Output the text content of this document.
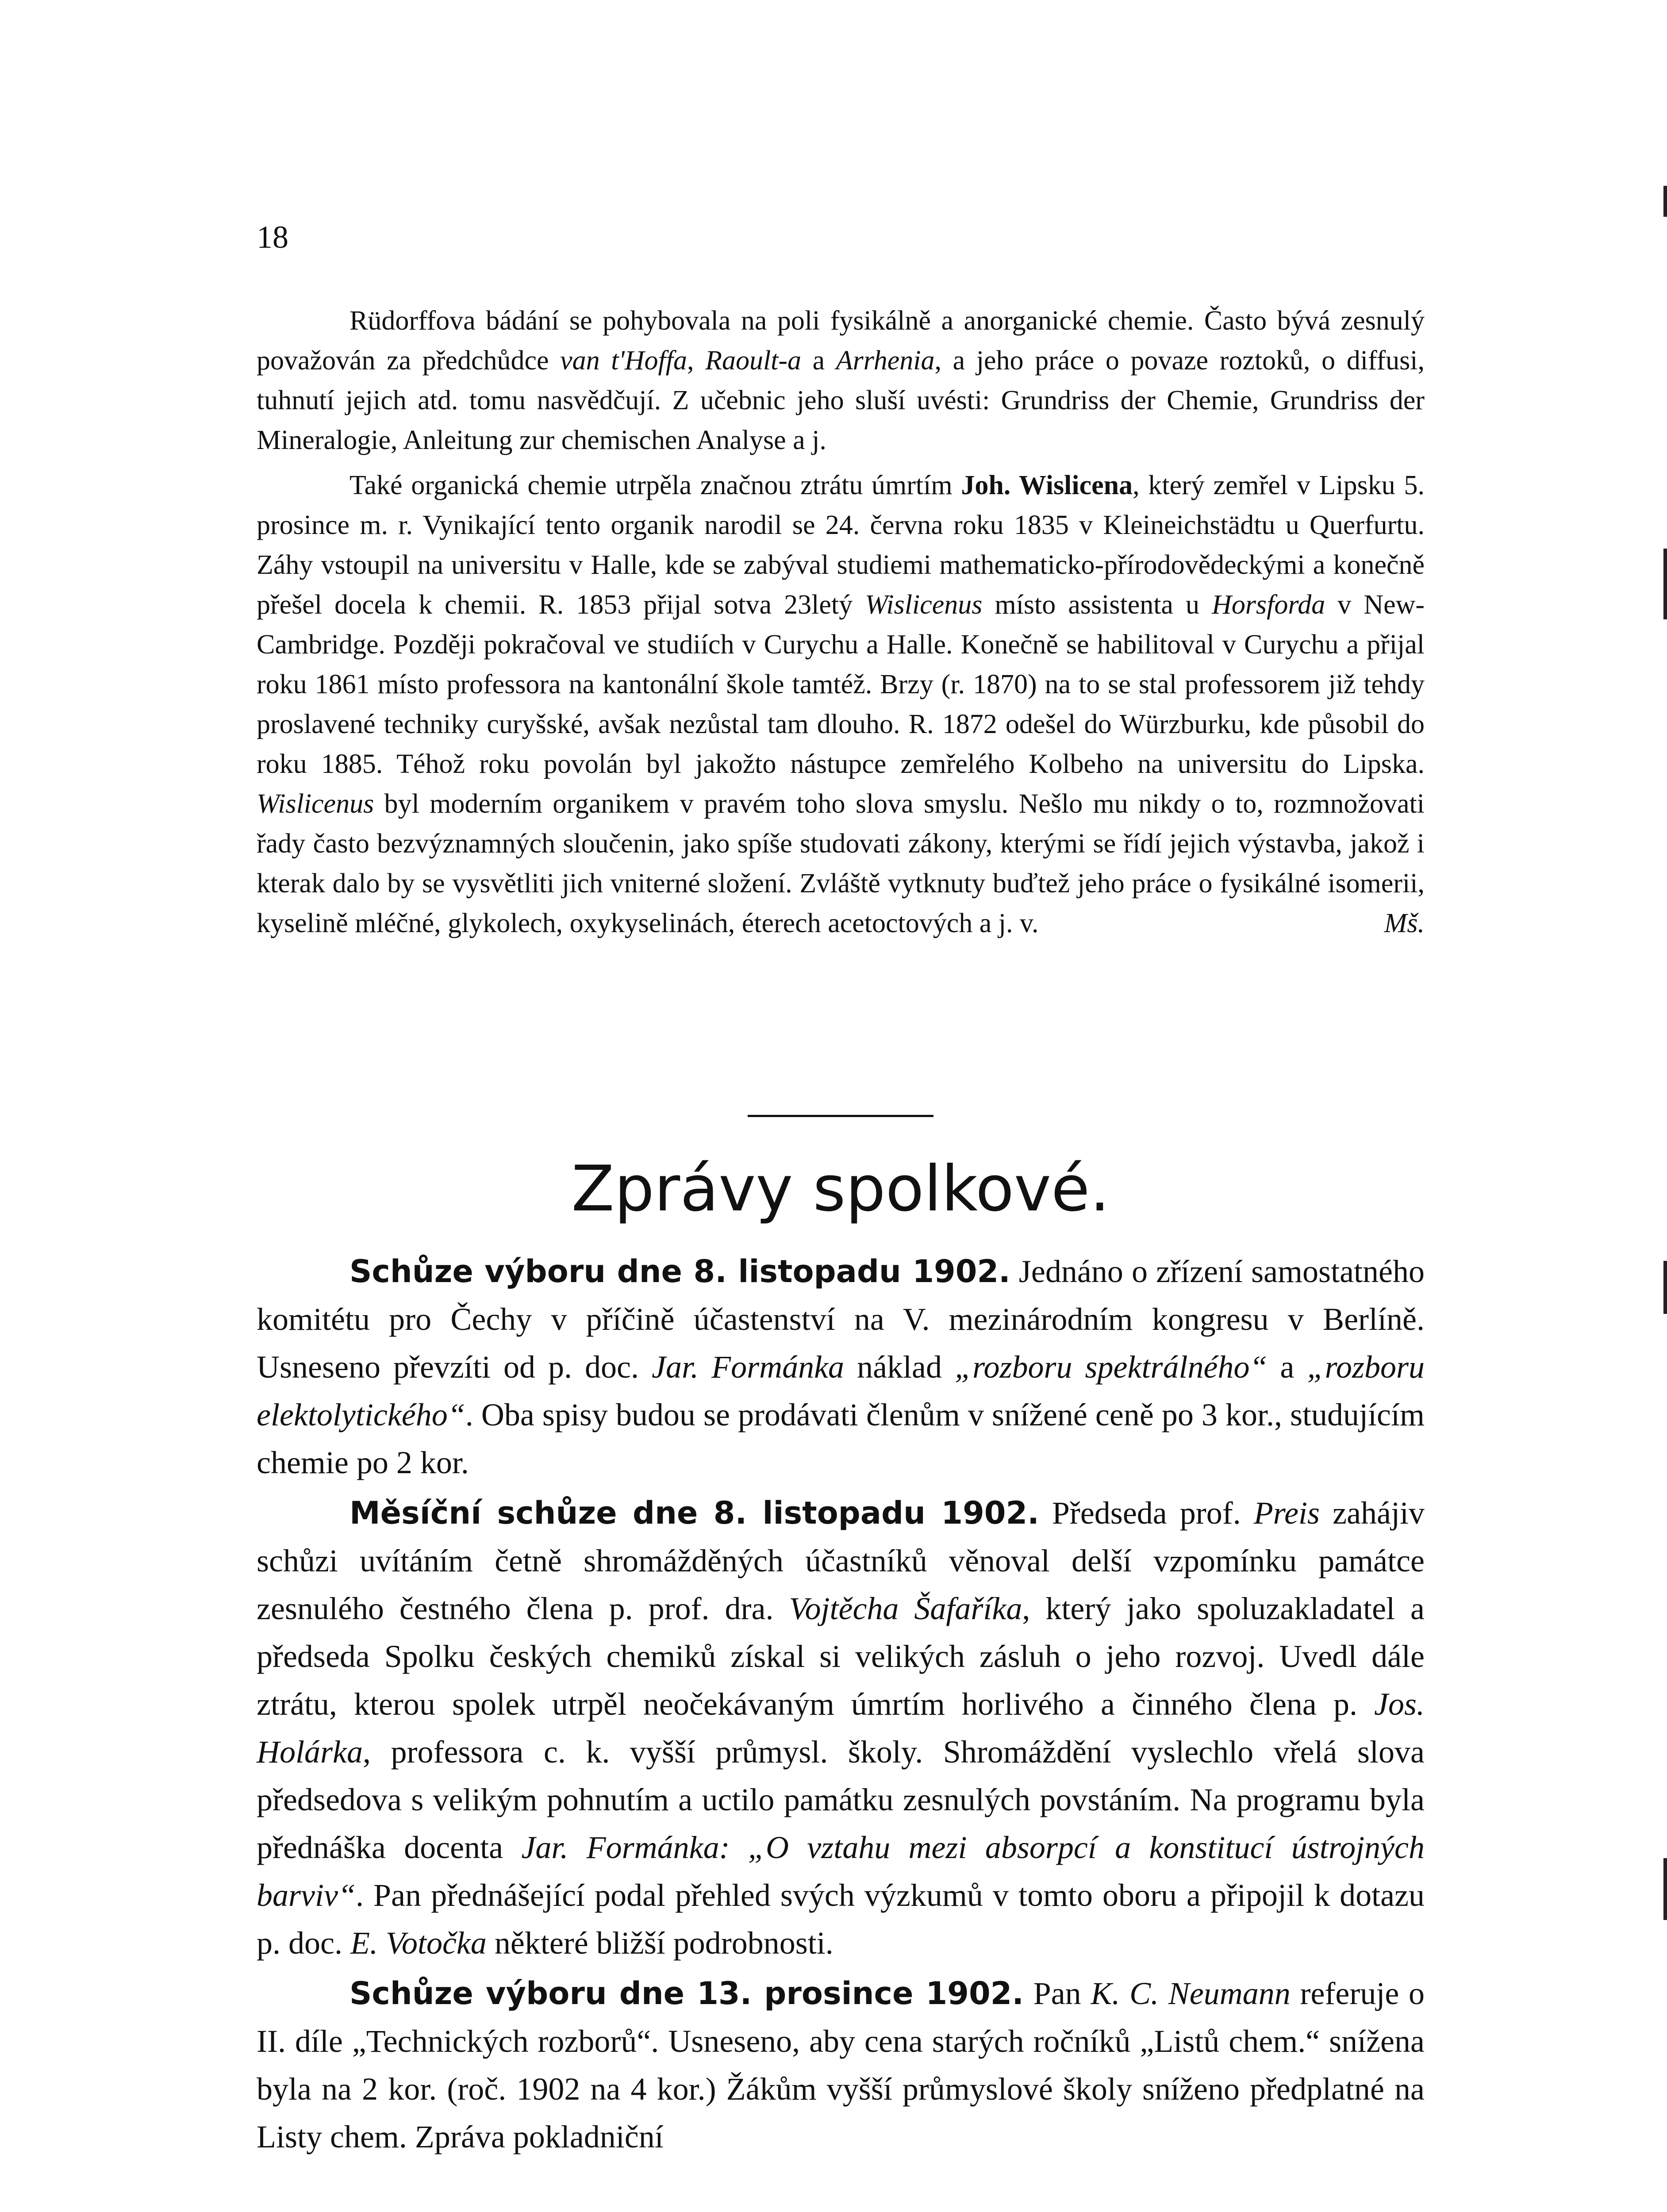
18

Rüdorffova bádání se pohybovala na poli fysikálně a anorganické chemie. Často bývá zesnulý považován za předchůdce van t'Hoffa, Raoult-a a Arrhenia, a jeho práce o povaze roztoků, o diffusi, tuhnutí jejich atd. tomu nasvědčují. Z učebnic jeho sluší uvésti: Grundriss der Chemie, Grundriss der Mineralogie, Anleitung zur chemischen Analyse a j.

Také organická chemie utrpěla značnou ztrátu úmrtím Joh. Wislicena, který zemřel v Lipsku 5. prosince m. r. Vynikající tento organik narodil se 24. června roku 1835 v Kleineichstädtu u Querfurtu. Záhy vstoupil na universitu v Halle, kde se zabýval studiemi mathematicko-přírodovědeckými a konečně přešel docela k chemii. R. 1853 přijal sotva 23letý Wislicenus místo assistenta u Horsforda v New-Cambridge. Později pokračoval ve studiích v Curychu a Halle. Konečně se habilitoval v Curychu a přijal roku 1861 místo professora na kantonální škole tamtéž. Brzy (r. 1870) na to se stal professorem již tehdy proslavené techniky curyšské, avšak nezůstal tam dlouho. R. 1872 odešel do Würzburku, kde působil do roku 1885. Téhož roku povolán byl jakožto nástupce zemřelého Kolbeho na universitu do Lipska. Wislicenus byl moderním organikem v pravém toho slova smyslu. Nešlo mu nikdy o to, rozmnožovati řady často bezvýznamných sloučenin, jako spíše studovati zákony, kterými se řídí jejich výstavba, jakož i kterak dalo by se vysvětliti jich vniterné složení. Zvláště vytknuty buďtež jeho práce o fysikálné isomerii, kyselině mléčné, glykolech, oxykyselinách, éterech acetoctových a j. v.	Mš.

Zprávy spolkové.

Schůze výboru dne 8. listopadu 1902. Jednáno o zřízení samostatného komitétu pro Čechy v příčině účastenství na V. mezinárodním kongresu v Berlíně. Usneseno převzíti od p. doc. Jar. Formánka náklad „rozboru spektrálného“ a „rozboru elektolytického“. Oba spisy budou se prodávati členům v snížené ceně po 3 kor., studujícím chemie po 2 kor.

Měsíční schůze dne 8. listopadu 1902. Předseda prof. Preis zahájiv schůzi uvítáním četně shromážděných účastníků věnoval delší vzpomínku památce zesnulého čestného člena p. prof. dra. Vojtěcha Šafaříka, který jako spoluzakladatel a předseda Spolku českých chemiků získal si velikých zásluh o jeho rozvoj. Uvedl dále ztrátu, kterou spolek utrpěl neočekávaným úmrtím horlivého a činného člena p. Jos. Holárka, professora c. k. vyšší průmysl. školy. Shromáždění vyslechlo vřelá slova předsedova s velikým pohnutím a uctilo památku zesnulých povstáním. Na programu byla přednáška docenta Jar. Formánka: „O vztahu mezi absorpcí a konstitucí ústrojných barviv“. Pan přednášející podal přehled svých výzkumů v tomto oboru a připojil k dotazu p. doc. E. Votočka některé bližší podrobnosti.

Schůze výboru dne 13. prosince 1902. Pan K. C. Neumann referuje o II. díle „Technických rozborů“. Usneseno, aby cena starých ročníků „Listů chem.“ snížena byla na 2 kor. (roč. 1902 na 4 kor.) Žákům vyšší průmyslové školy sníženo předplatné na Listy chem. Zpráva pokladniční
